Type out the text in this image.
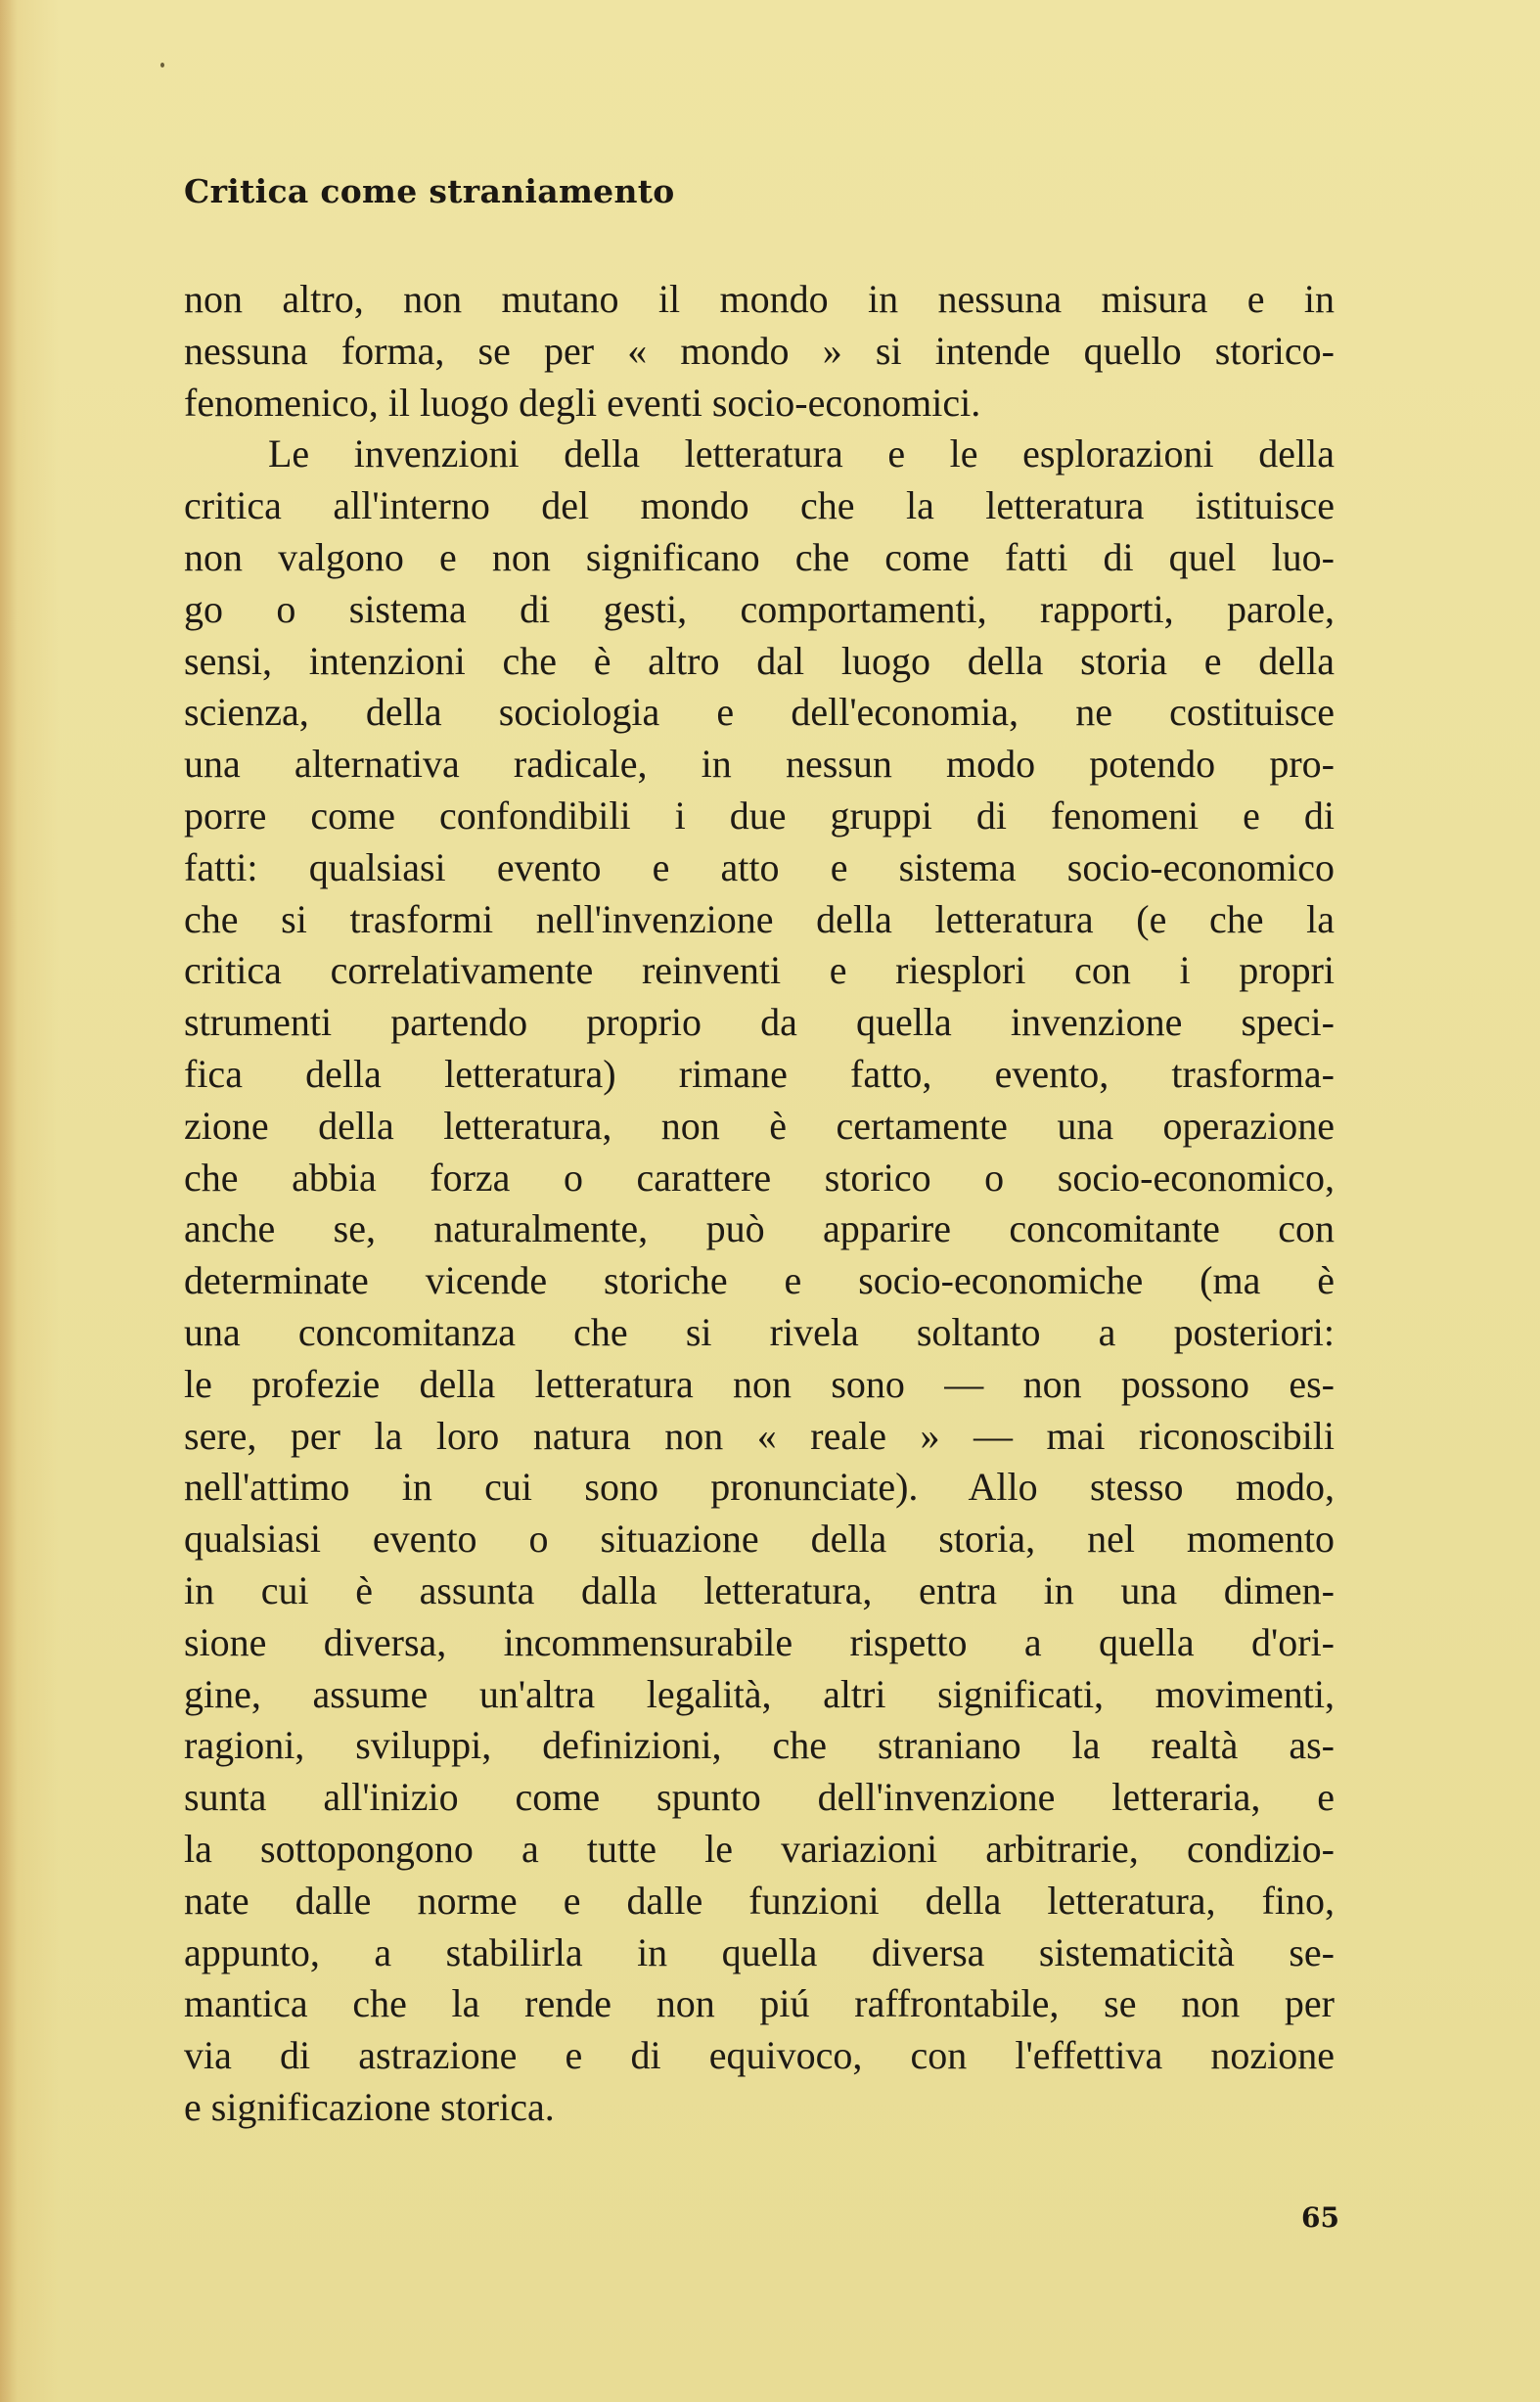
Critica come straniamento
non altro, non mutano il mondo in nessuna misura e in
nessuna forma, se per « mondo » si intende quello storico-
fenomenico, il luogo degli eventi socio-economici.
Le invenzioni della letteratura e le esplorazioni della
critica all'interno del mondo che la letteratura istituisce
non valgono e non significano che come fatti di quel luo-
go o sistema di gesti, comportamenti, rapporti, parole,
sensi, intenzioni che è altro dal luogo della storia e della
scienza, della sociologia e dell'economia, ne costituisce
una alternativa radicale, in nessun modo potendo pro-
porre come confondibili i due gruppi di fenomeni e di
fatti: qualsiasi evento e atto e sistema socio-economico
che si trasformi nell'invenzione della letteratura (e che la
critica correlativamente reinventi e riesplori con i propri
strumenti partendo proprio da quella invenzione speci-
fica della letteratura) rimane fatto, evento, trasforma-
zione della letteratura, non è certamente una operazione
che abbia forza o carattere storico o socio-economico,
anche se, naturalmente, può apparire concomitante con
determinate vicende storiche e socio-economiche (ma è
una concomitanza che si rivela soltanto a posteriori:
le profezie della letteratura non sono — non possono es-
sere, per la loro natura non « reale » — mai riconoscibili
nell'attimo in cui sono pronunciate). Allo stesso modo,
qualsiasi evento o situazione della storia, nel momento
in cui è assunta dalla letteratura, entra in una dimen-
sione diversa, incommensurabile rispetto a quella d'ori-
gine, assume un'altra legalità, altri significati, movimenti,
ragioni, sviluppi, definizioni, che straniano la realtà as-
sunta all'inizio come spunto dell'invenzione letteraria, e
la sottopongono a tutte le variazioni arbitrarie, condizio-
nate dalle norme e dalle funzioni della letteratura, fino,
appunto, a stabilirla in quella diversa sistematicità se-
mantica che la rende non piú raffrontabile, se non per
via di astrazione e di equivoco, con l'effettiva nozione
e significazione storica.
65
